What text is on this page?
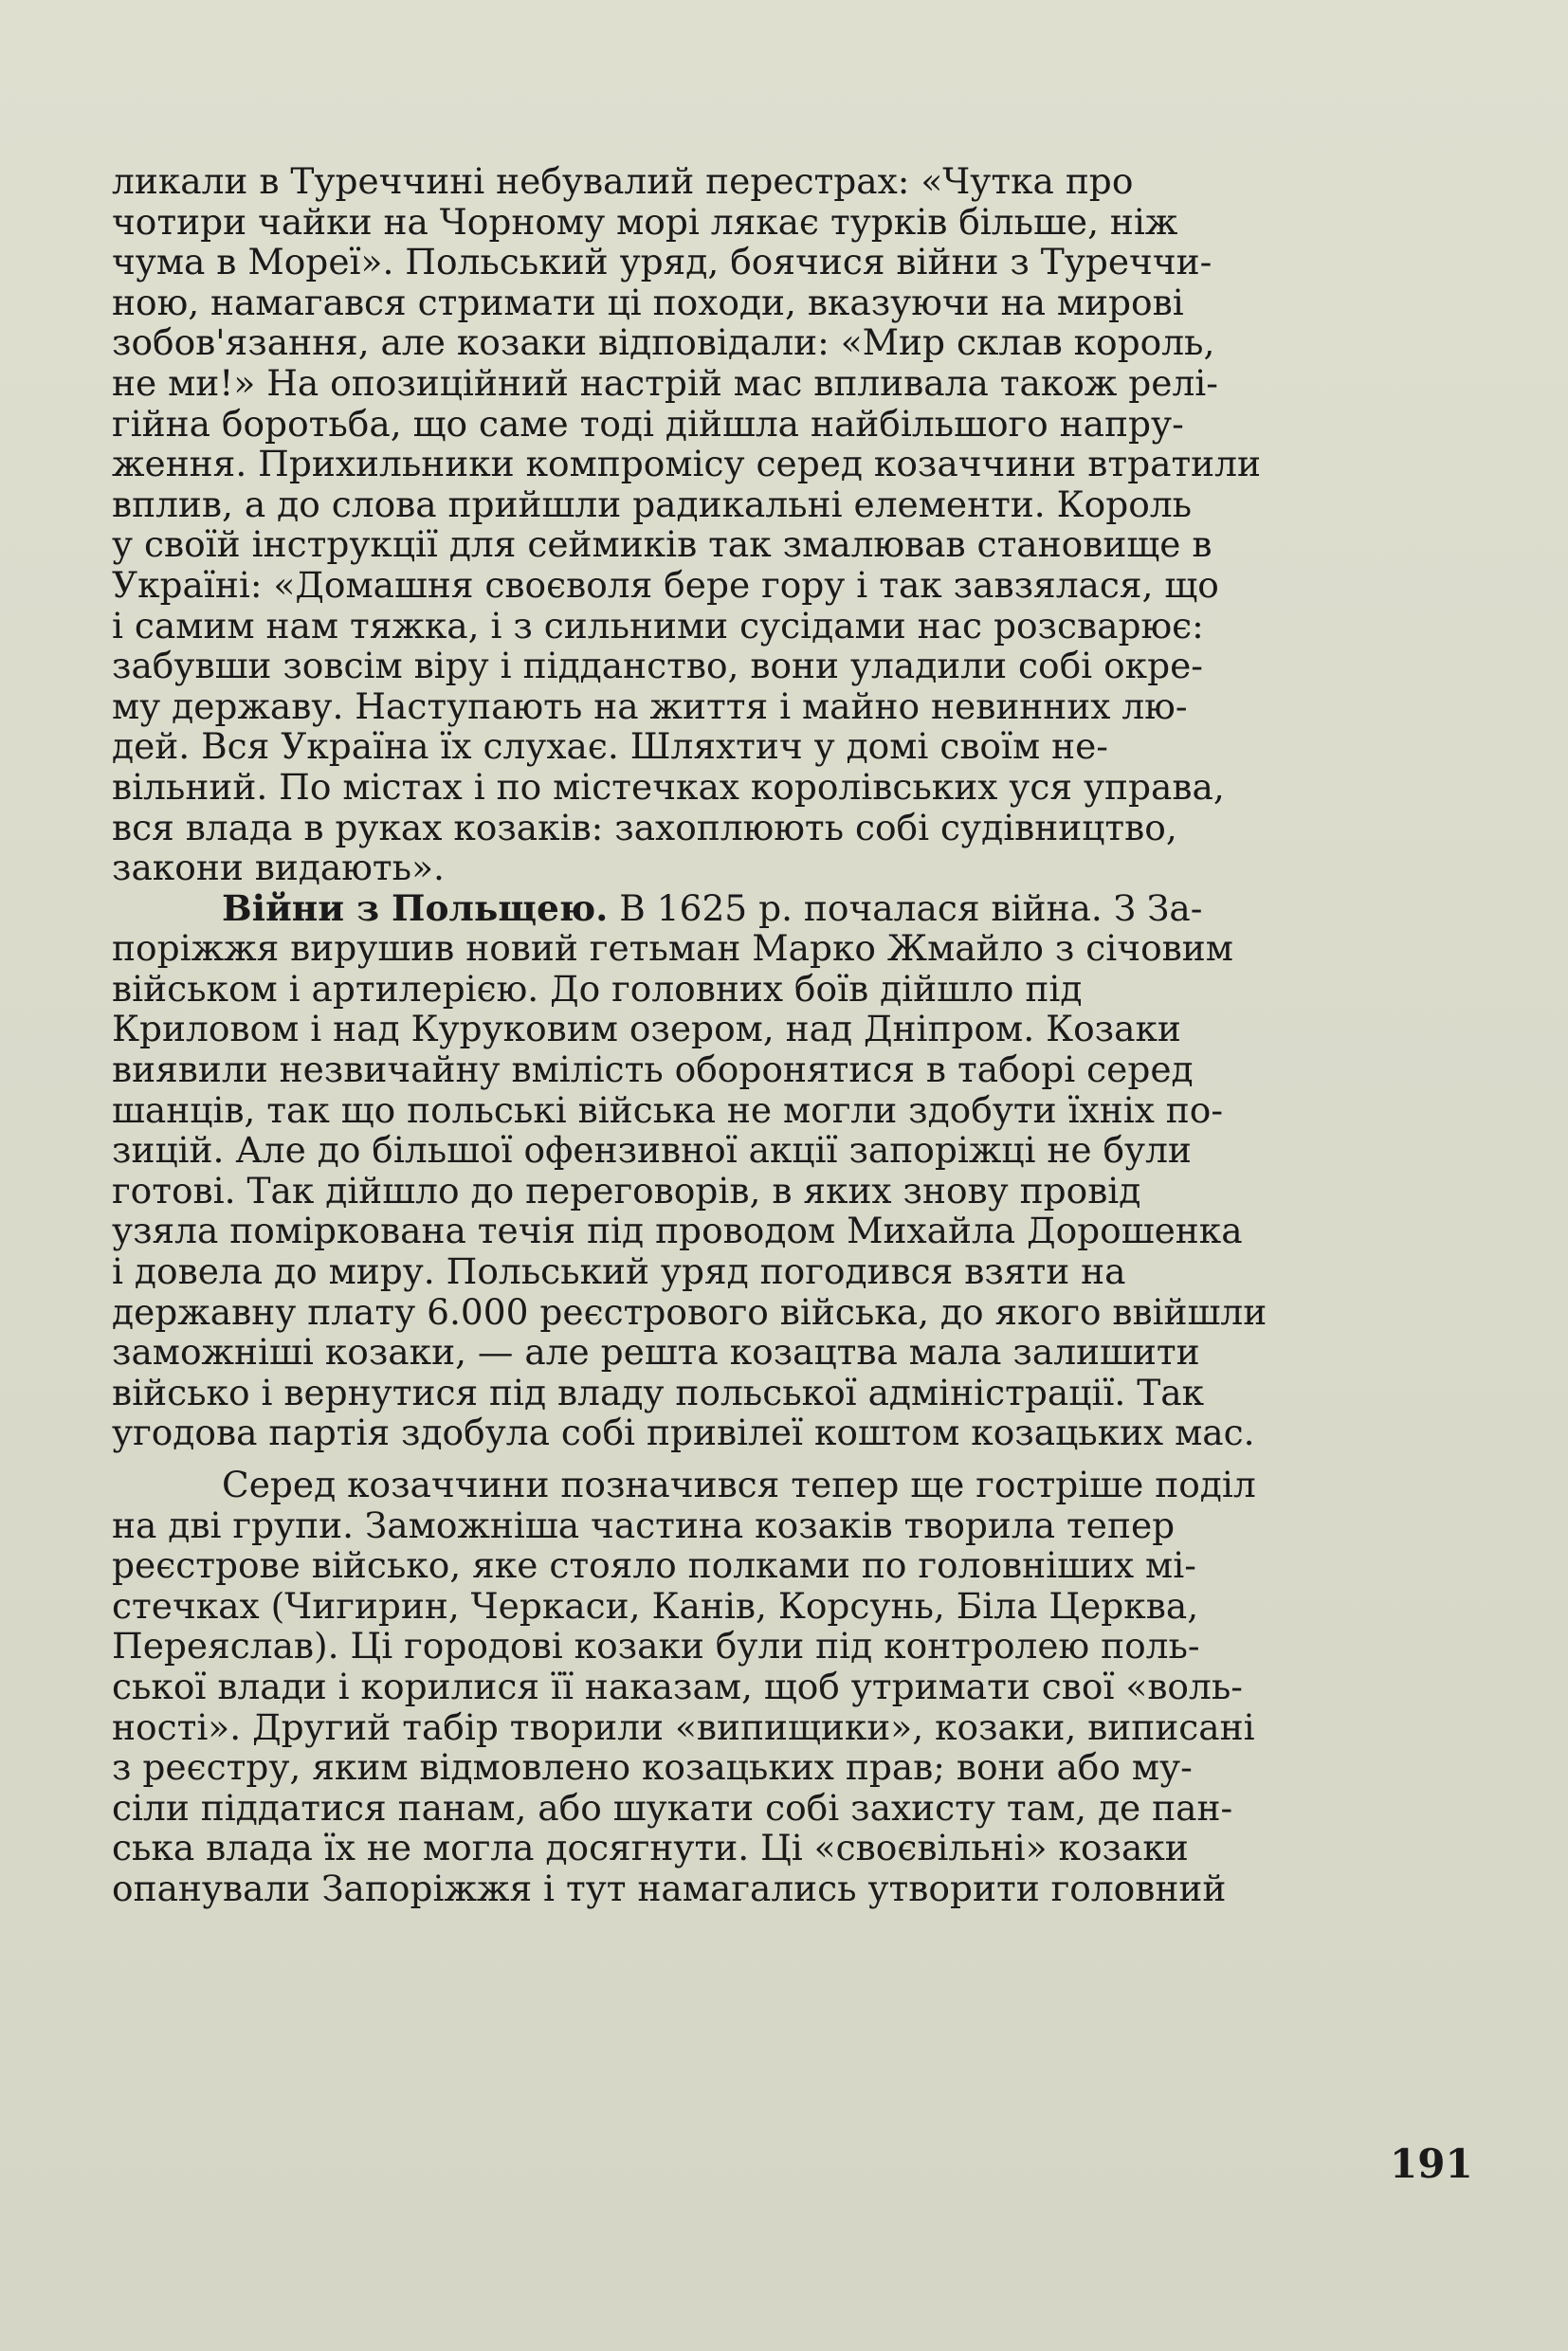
ликали в Туреччині небувалий перестрах: «Чутка про
чотири чайки на Чорному морі лякає турків більше, ніж
чума в Мореї». Польський уряд, боячися війни з Туреччи-
ною, намагався стримати ці походи, вказуючи на мирові
зобов'язання, але козаки відповідали: «Мир склав король,
не ми!» На опозиційний настрій мас впливала також релі-
гійна боротьба, що саме тоді дійшла найбільшого напру-
ження. Прихильники компромісу серед козаччини втратили
вплив, а до слова прийшли радикальні елементи. Король
у своїй інструкції для сеймиків так змалював становище в
Україні: «Домашня своєволя бере гору і так завзялася, що
і самим нам тяжка, і з сильними сусідами нас розсварює:
забувши зовсім віру і підданство, вони уладили собі окре-
му державу. Наступають на життя і майно невинних лю-
дей. Вся Україна їх слухає. Шляхтич у домі своїм не-
вільний. По містах і по містечках королівських уся управа,
вся влада в руках козаків: захоплюють собі судівництво,
закони видають».
Війни з Польщею. В 1625 р. почалася війна. З За-
поріжжя вирушив новий гетьман Марко Жмайло з січовим
військом і артилерією. До головних боїв дійшло під
Криловом і над Куруковим озером, над Дніпром. Козаки
виявили незвичайну вмілість оборонятися в таборі серед
шанців, так що польські війська не могли здобути їхніх по-
зицій. Але до більшої офензивної акції запоріжці не були
готові. Так дійшло до переговорів, в яких знову провід
узяла поміркована течія під проводом Михайла Дорошенка
і довела до миру. Польський уряд погодився взяти на
державну плату 6.000 реєстрового війська, до якого ввійшли
заможніші козаки, — але решта козацтва мала залишити
військо і вернутися під владу польської адміністрації. Так
угодова партія здобула собі привілеї коштом козацьких мас.
Серед козаччини позначився тепер ще гостріше поділ
на дві групи. Заможніша частина козаків творила тепер
реєстрове військо, яке стояло полками по головніших мі-
стечках (Чигирин, Черкаси, Канів, Корсунь, Біла Церква,
Переяслав). Ці городові козаки були під контролею поль-
ської влади і корилися її наказам, щоб утримати свої «воль-
ності». Другий табір творили «випищики», козаки, виписані
з реєстру, яким відмовлено козацьких прав; вони або му-
сіли піддатися панам, або шукати собі захисту там, де пан-
ська влада їх не могла досягнути. Ці «своєвільні» козаки
опанували Запоріжжя і тут намагались утворити головний
191
